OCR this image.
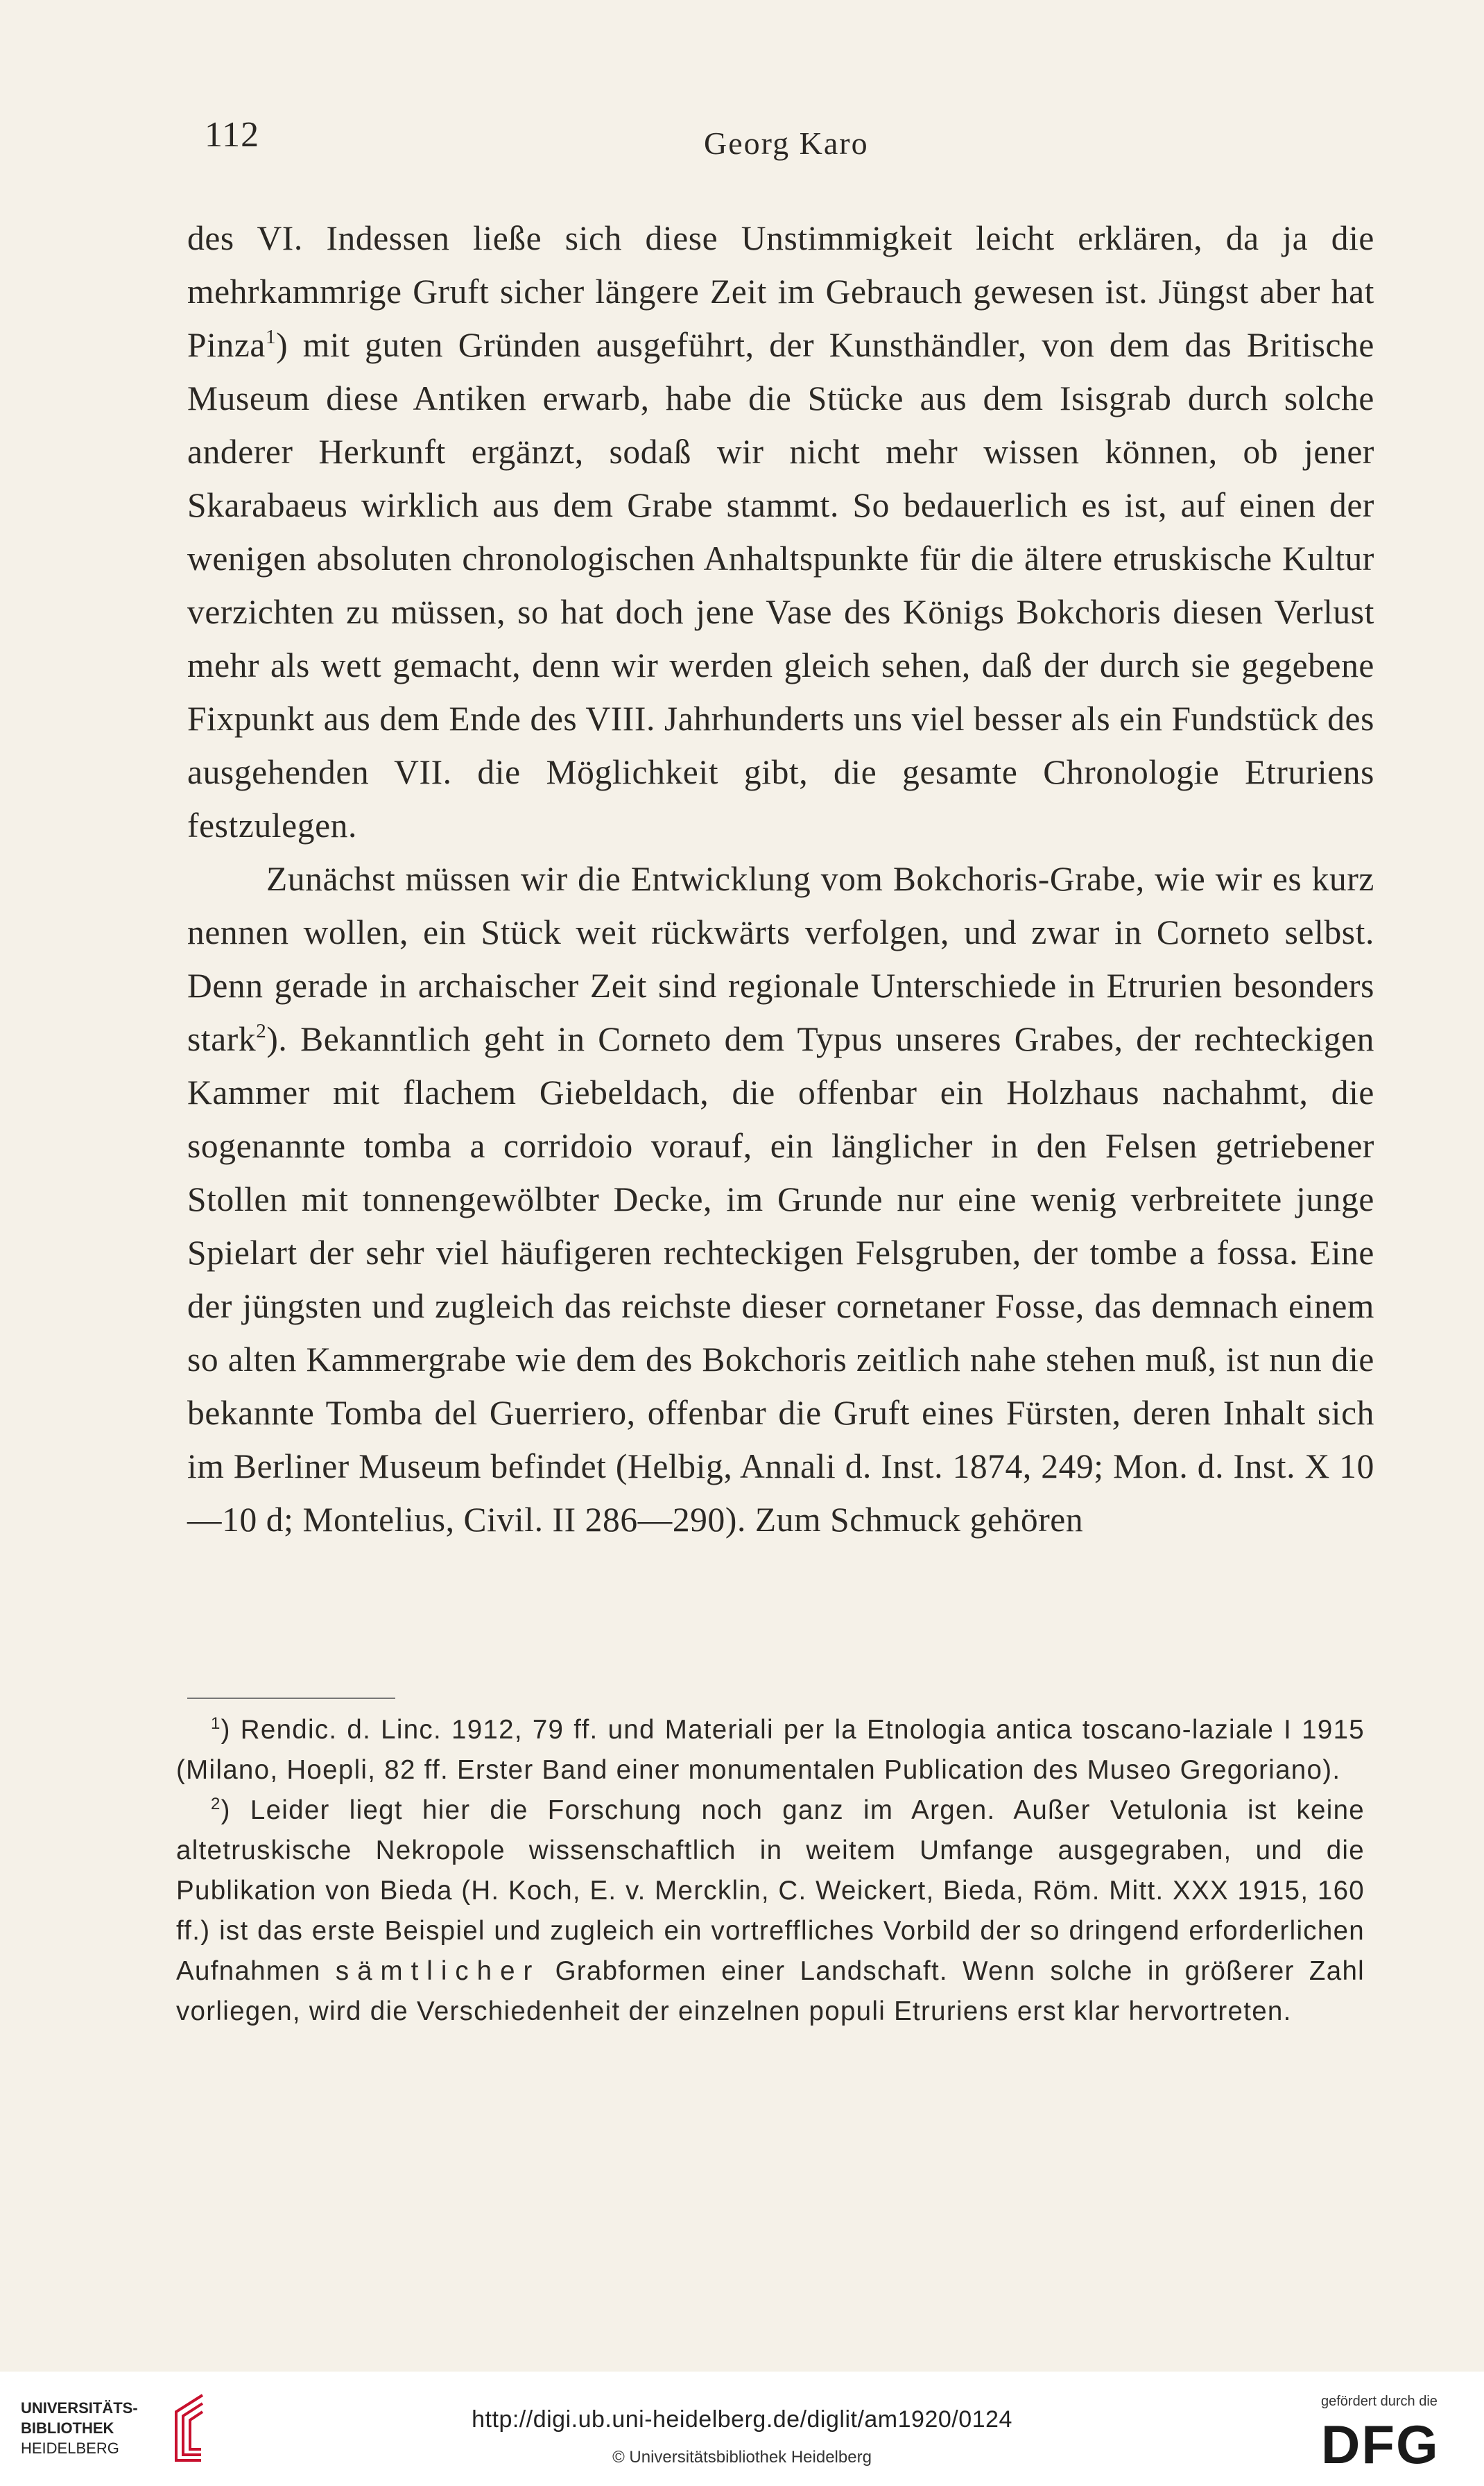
112	Georg Karo

des VI. Indessen ließe sich diese Unstimmigkeit leicht erklären, da ja die mehrkammrige Gruft sicher längere Zeit im Gebrauch gewesen ist. Jüngst aber hat Pinza$^1$) mit guten Gründen ausgeführt, der Kunsthändler, von dem das Britische Museum diese Antiken erwarb, habe die Stücke aus dem Isisgrab durch solche anderer Herkunft ergänzt, sodaß wir nicht mehr wissen können, ob jener Skarabaeus wirklich aus dem Grabe stammt. So bedauerlich es ist, auf einen der wenigen absoluten chronologischen Anhaltspunkte für die ältere etruskische Kultur verzichten zu müssen, so hat doch jene Vase des Königs Bokchoris diesen Verlust mehr als wett gemacht, denn wir werden gleich sehen, daß der durch sie gegebene Fixpunkt aus dem Ende des VIII. Jahrhunderts uns viel besser als ein Fundstück des ausgehenden VII. die Möglichkeit gibt, die gesamte Chronologie Etruriens festzulegen.

Zunächst müssen wir die Entwicklung vom Bokchoris-Grabe, wie wir es kurz nennen wollen, ein Stück weit rückwärts verfolgen, und zwar in Corneto selbst. Denn gerade in archaischer Zeit sind regionale Unterschiede in Etrurien besonders stark$^2$). Bekanntlich geht in Corneto dem Typus unseres Grabes, der rechteckigen Kammer mit flachem Giebeldach, die offenbar ein Holzhaus nachahmt, die sogenannte tomba a corridoio vorauf, ein länglicher in den Felsen getriebener Stollen mit tonnengewölbter Decke, im Grunde nur eine wenig verbreitete junge Spielart der sehr viel häufigeren rechteckigen Felsgruben, der tombe a fossa. Eine der jüngsten und zugleich das reichste dieser cornetaner Fosse, das demnach einem so alten Kammergrabe wie dem des Bokchoris zeitlich nahe stehen muß, ist nun die bekannte Tomba del Guerriero, offenbar die Gruft eines Fürsten, deren Inhalt sich im Berliner Museum befindet (Helbig, Annali d. Inst. 1874, 249; Mon. d. Inst. X 10—10 d; Montelius, Civil. II 286—290). Zum Schmuck gehören

$^1$) Rendic. d. Linc. 1912, 79 ff. und Materiali per la Etnologia antica toscano-laziale I 1915 (Milano, Hoepli, 82 ff. Erster Band einer monumentalen Publication des Museo Gregoriano).

$^2$) Leider liegt hier die Forschung noch ganz im Argen. Außer Vetulonia ist keine altetruskische Nekropole wissenschaftlich in weitem Umfange ausgegraben, und die Publikation von Bieda (H. Koch, E. v. Mercklin, C. Weickert, Bieda, Röm. Mitt. XXX 1915, 160 ff.) ist das erste Beispiel und zugleich ein vortreffliches Vorbild der so dringend erforderlichen Aufnahmen sämtlicher Grabformen einer Landschaft. Wenn solche in größerer Zahl vorliegen, wird die Verschiedenheit der einzelnen populi Etruriens erst klar hervortreten.

UNIVERSITÄTS-
BIBLIOTHEK
HEIDELBERG
http://digi.ub.uni-heidelberg.de/diglit/am1920/0124
© Universitätsbibliothek Heidelberg
gefördert durch die
DFG
